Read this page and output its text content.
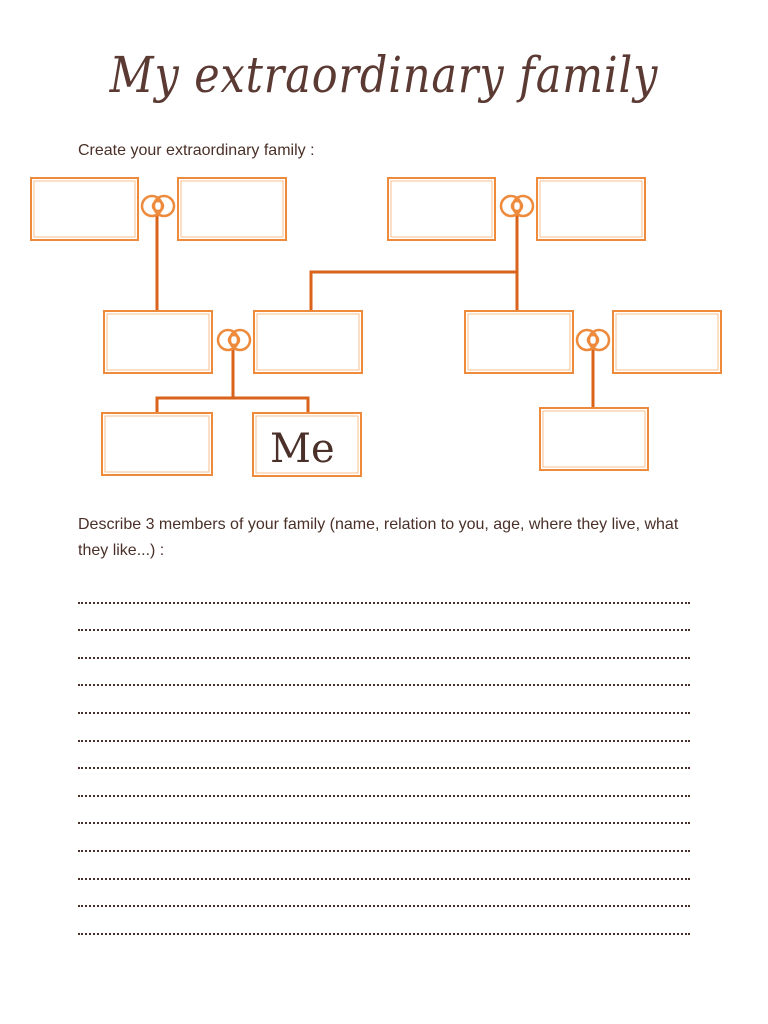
My extraordinary family
Create your extraordinary family :
Me
Describe 3 members of your family (name, relation to you, age, where they live, what they like...) :
